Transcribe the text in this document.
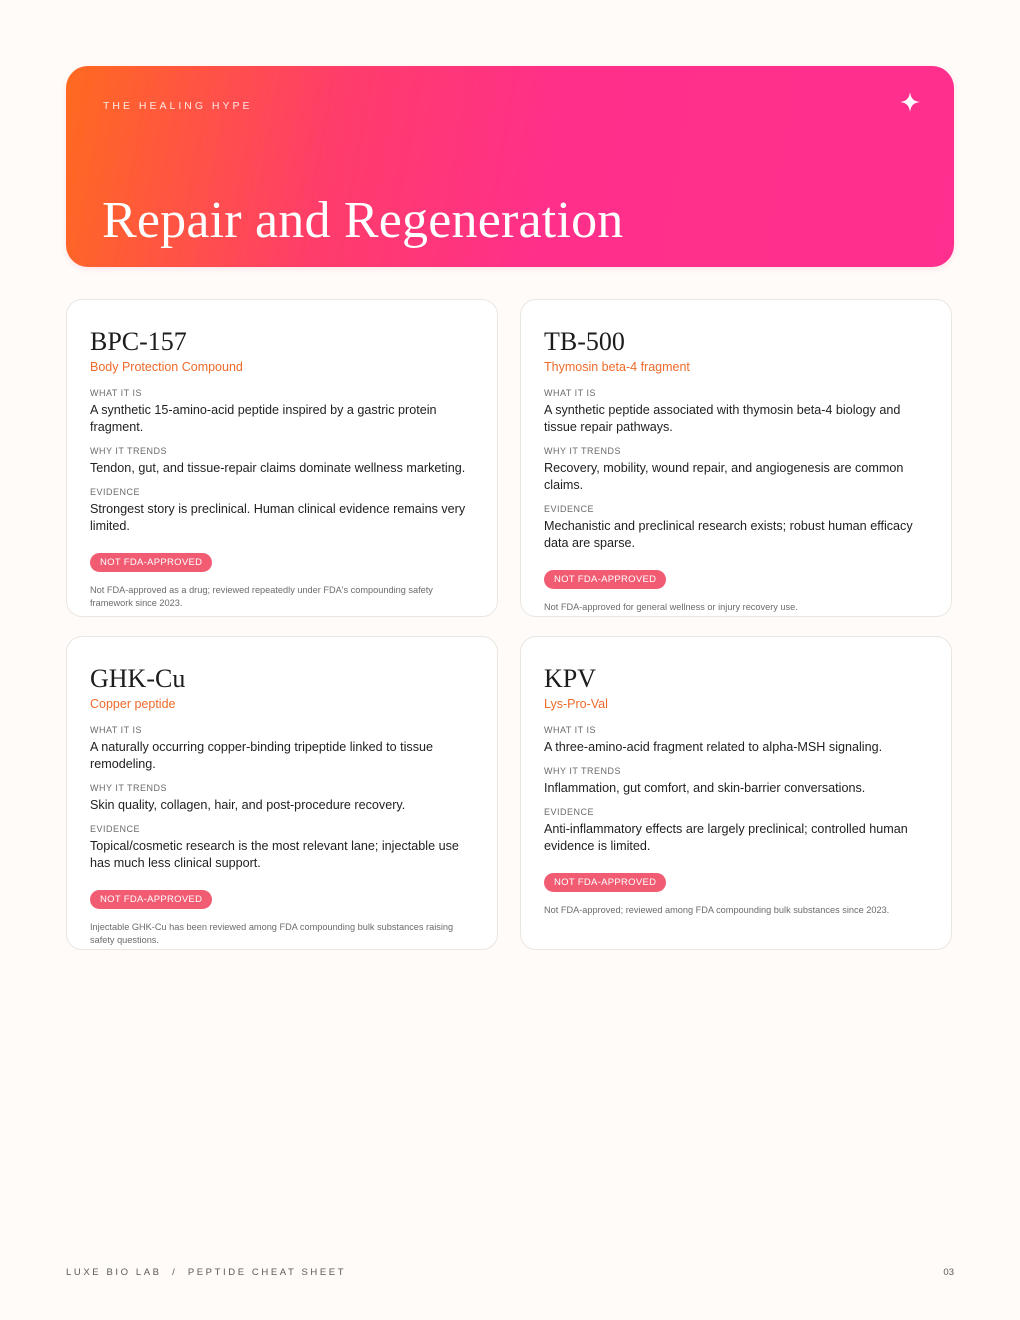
THE HEALING HYPE
Repair and Regeneration
BPC-157
Body Protection Compound
WHAT IT IS
A synthetic 15-amino-acid peptide inspired by a gastric protein fragment.
WHY IT TRENDS
Tendon, gut, and tissue-repair claims dominate wellness marketing.
EVIDENCE
Strongest story is preclinical. Human clinical evidence remains very limited.
NOT FDA-APPROVED
Not FDA-approved as a drug; reviewed repeatedly under FDA's compounding safety framework since 2023.
TB-500
Thymosin beta-4 fragment
WHAT IT IS
A synthetic peptide associated with thymosin beta-4 biology and tissue repair pathways.
WHY IT TRENDS
Recovery, mobility, wound repair, and angiogenesis are common claims.
EVIDENCE
Mechanistic and preclinical research exists; robust human efficacy data are sparse.
NOT FDA-APPROVED
Not FDA-approved for general wellness or injury recovery use.
GHK-Cu
Copper peptide
WHAT IT IS
A naturally occurring copper-binding tripeptide linked to tissue remodeling.
WHY IT TRENDS
Skin quality, collagen, hair, and post-procedure recovery.
EVIDENCE
Topical/cosmetic research is the most relevant lane; injectable use has much less clinical support.
NOT FDA-APPROVED
Injectable GHK-Cu has been reviewed among FDA compounding bulk substances raising safety questions.
KPV
Lys-Pro-Val
WHAT IT IS
A three-amino-acid fragment related to alpha-MSH signaling.
WHY IT TRENDS
Inflammation, gut comfort, and skin-barrier conversations.
EVIDENCE
Anti-inflammatory effects are largely preclinical; controlled human evidence is limited.
NOT FDA-APPROVED
Not FDA-approved; reviewed among FDA compounding bulk substances since 2023.
LUXE BIO LAB  /  PEPTIDE CHEAT SHEET	03
